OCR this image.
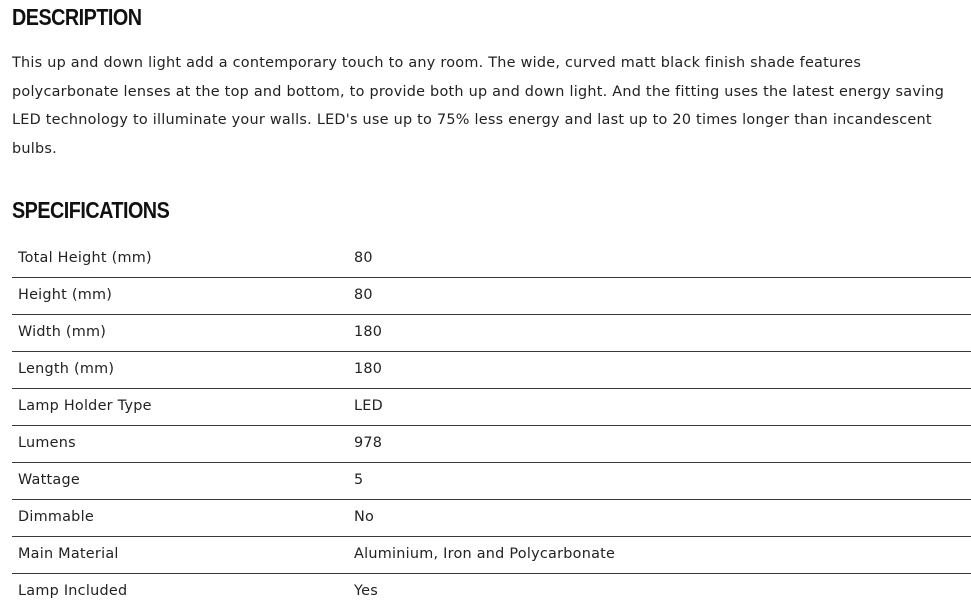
DESCRIPTION

This up and down light add a contemporary touch to any room. The wide, curved matt black finish shade features polycarbonate lenses at the top and bottom, to provide both up and down light. And the fitting uses the latest energy saving LED technology to illuminate your walls. LED's use up to 75% less energy and last up to 20 times longer than incandescent bulbs.

SPECIFICATIONS
Total Height (mm)	80
Height (mm)	80
Width (mm)	180
Length (mm)	180
Lamp Holder Type	LED
Lumens	978
Wattage	5
Dimmable	No
Main Material	Aluminium, Iron and Polycarbonate
Lamp Included	Yes
